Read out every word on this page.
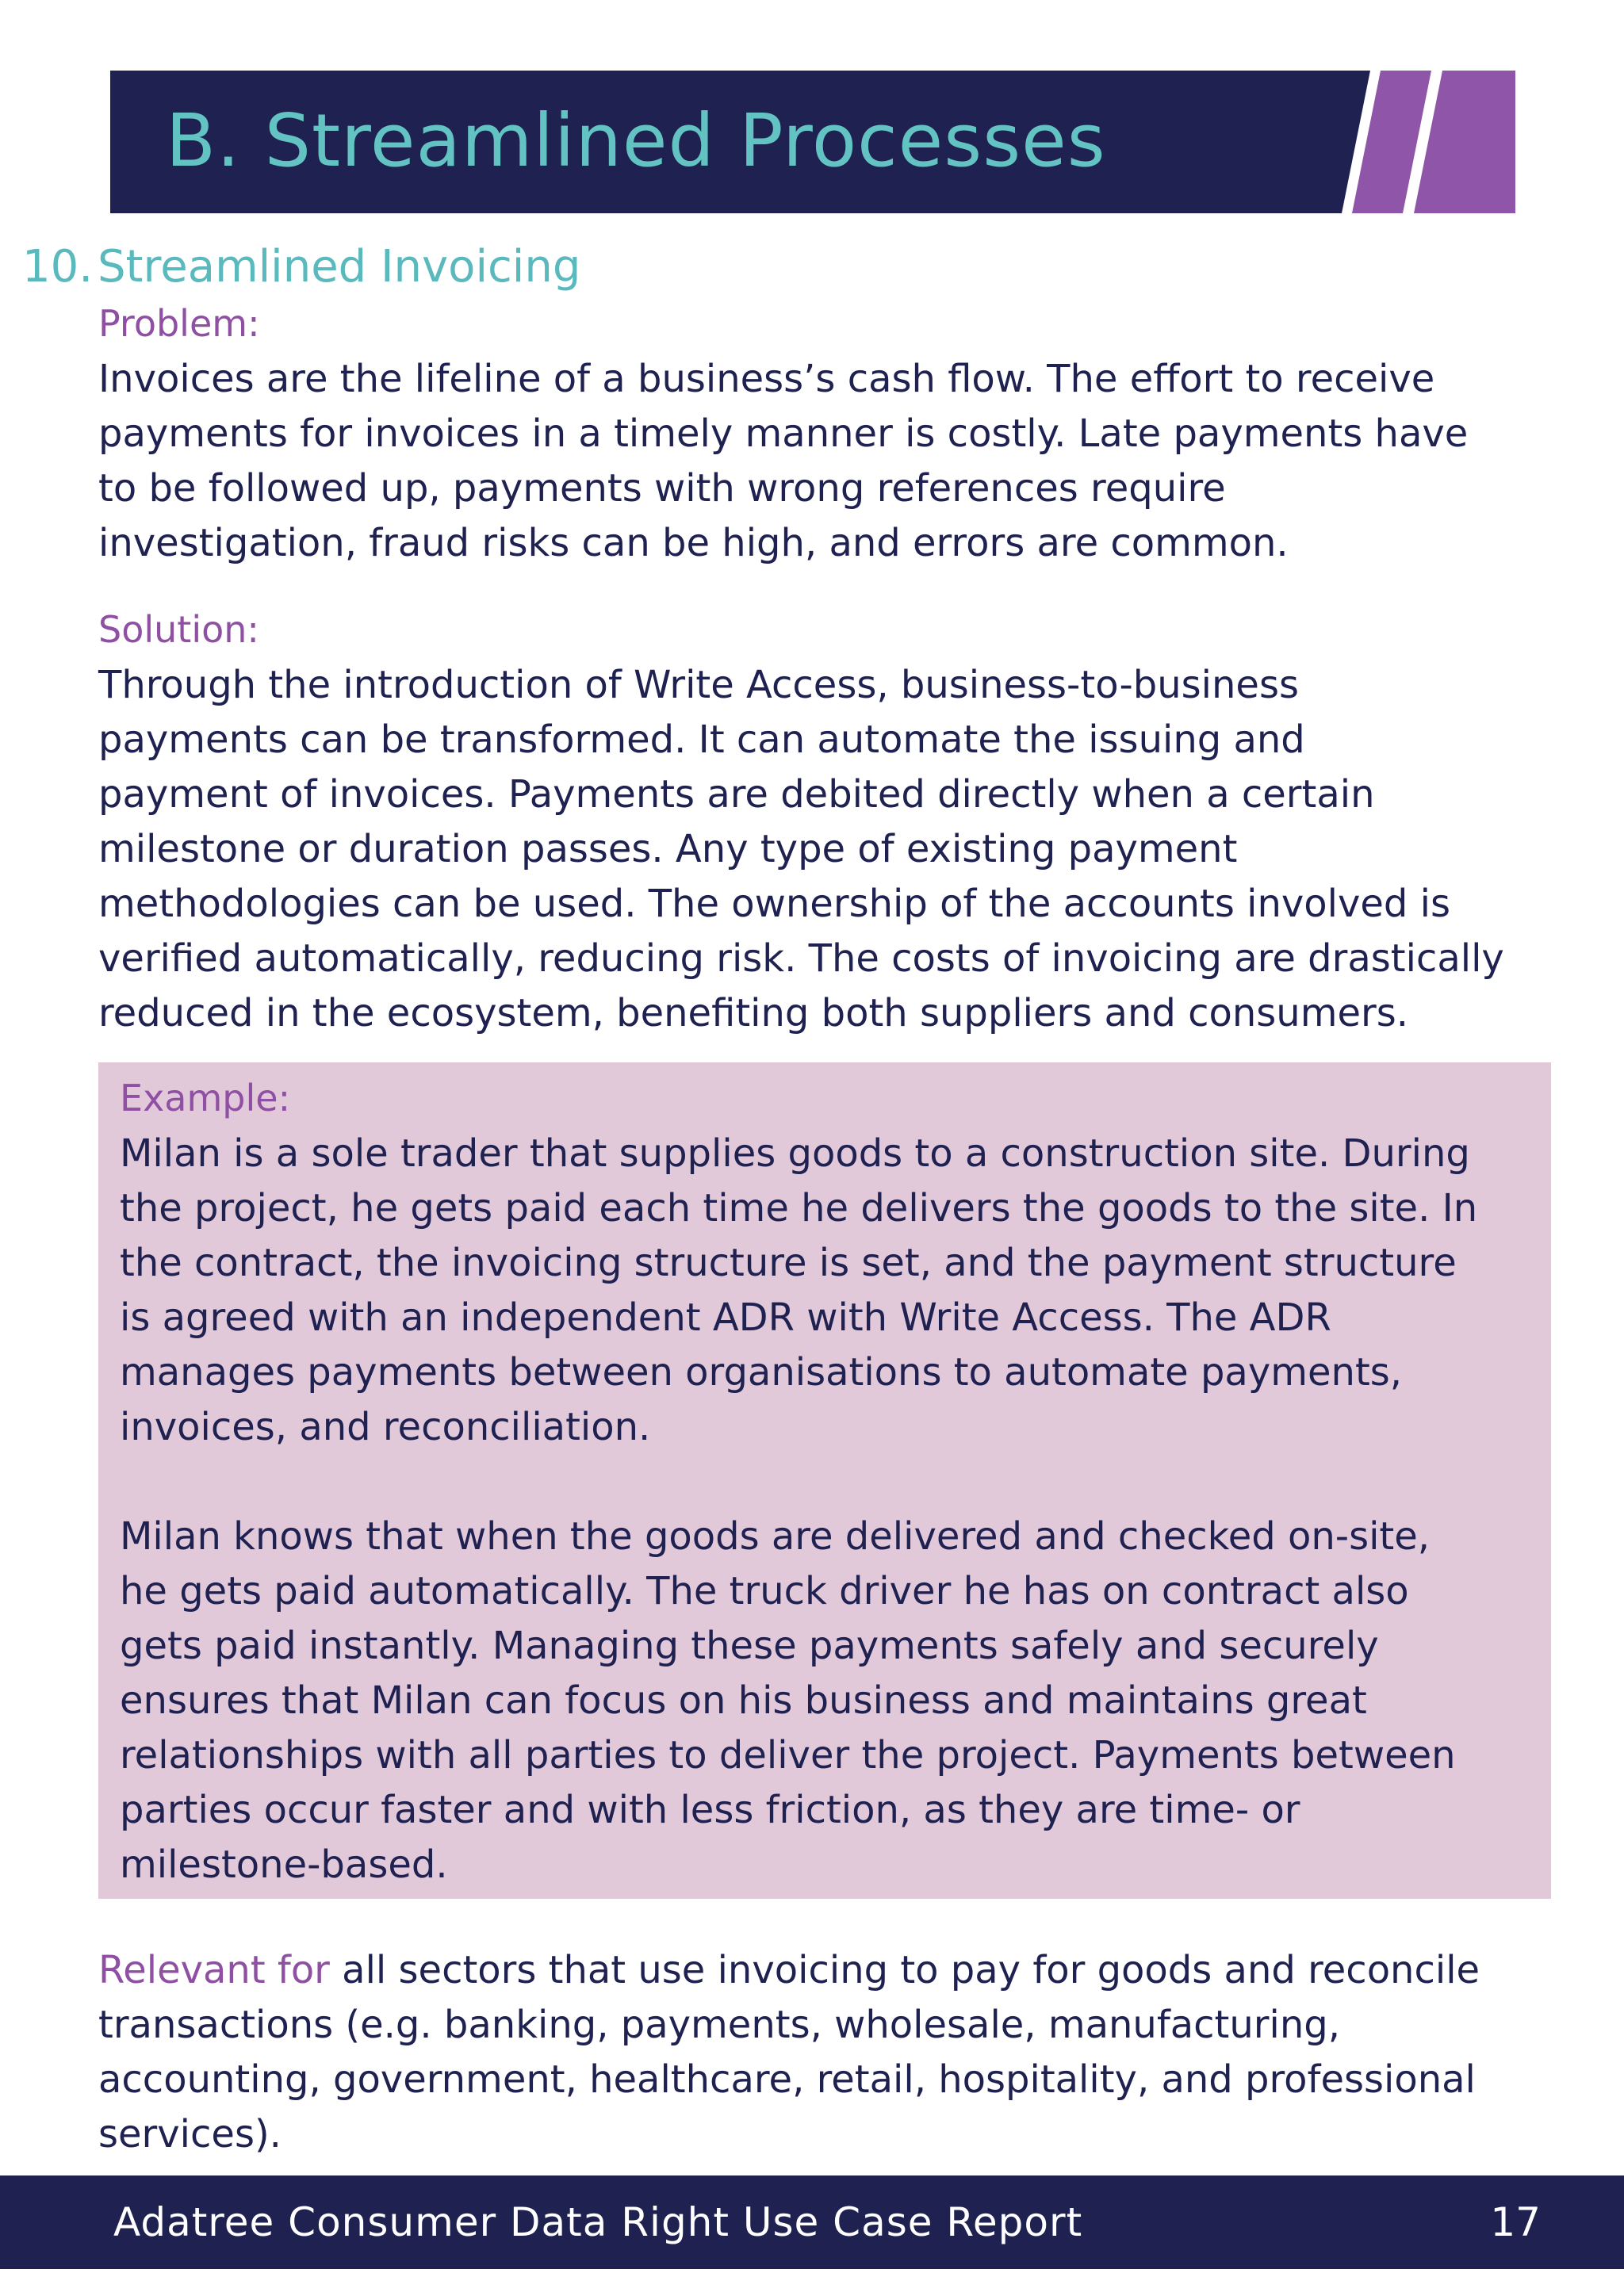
B. Streamlined Processes
10. Streamlined Invoicing
Problem:

Invoices are the lifeline of a business’s cash flow. The effort to receive

payments for invoices in a timely manner is costly. Late payments have

to be followed up, payments with wrong references require

investigation, fraud risks can be high, and errors are common.

Solution:

Through the introduction of Write Access, business-to-business

payments can be transformed. It can automate the issuing and

payment of invoices. Payments are debited directly when a certain

milestone or duration passes. Any type of existing payment

methodologies can be used. The ownership of the accounts involved is

verified automatically, reducing risk. The costs of invoicing are drastically

reduced in the ecosystem, benefiting both suppliers and consumers.

Example:

Milan is a sole trader that supplies goods to a construction site. During

the project, he gets paid each time he delivers the goods to the site. In

the contract, the invoicing structure is set, and the payment structure

is agreed with an independent ADR with Write Access. The ADR

manages payments between organisations to automate payments,

invoices, and reconciliation.

Milan knows that when the goods are delivered and checked on-site,

he gets paid automatically. The truck driver he has on contract also

gets paid instantly. Managing these payments safely and securely

ensures that Milan can focus on his business and maintains great

relationships with all parties to deliver the project. Payments between

parties occur faster and with less friction, as they are time- or

milestone-based.

Relevant for all sectors that use invoicing to pay for goods and reconcile

transactions (e.g. banking, payments, wholesale, manufacturing,

accounting, government, healthcare, retail, hospitality, and professional

services).

Adatree Consumer Data Right Use Case Report	17
